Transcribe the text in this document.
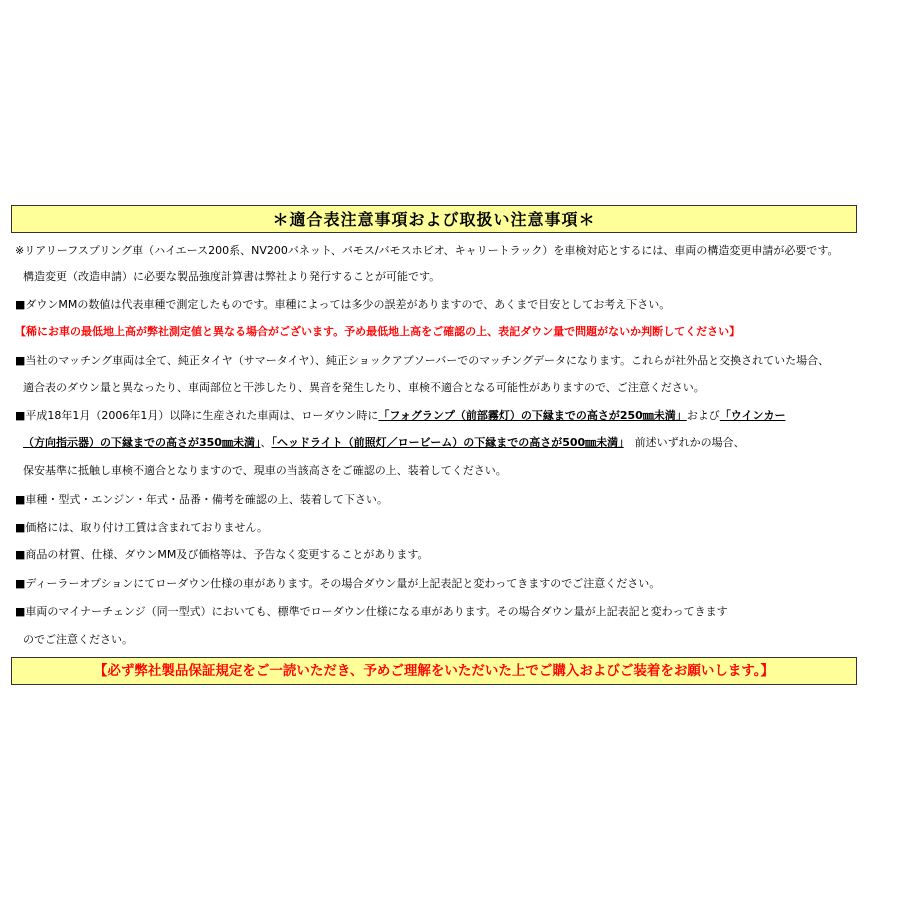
＊適合表注意事項および取扱い注意事項＊
※リアリーフスプリング車（ハイエース200系、NV200バネット、バモス/バモスホビオ、キャリートラック）を車検対応とするには、車両の構造変更申請が必要です。
構造変更（改造申請）に必要な製品強度計算書は弊社より発行することが可能です。
■ダウンMMの数値は代表車種で測定したものです。車種によっては多少の誤差がありますので、あくまで目安としてお考え下さい。
【稀にお車の最低地上高が弊社測定値と異なる場合がございます。予め最低地上高をご確認の上、表記ダウン量で問題がないか判断してください】
■当社のマッチング車両は全て、純正タイヤ（サマータイヤ）、純正ショックアブソーバーでのマッチングデータになります。これらが社外品と交換されていた場合、
適合表のダウン量と異なったり、車両部位と干渉したり、異音を発生したり、車検不適合となる可能性がありますので、ご注意ください。
■平成18年1月（2006年1月）以降に生産された車両は、ローダウン時に「フォグランプ（前部霧灯）の下縁までの高さが250㎜未満」および「ウインカー
（方向指示器）の下縁までの高さが350㎜未満」、「ヘッドライト（前照灯／ロービーム）の下縁までの高さが500㎜未満」　前述いずれかの場合、
保安基準に抵触し車検不適合となりますので、現車の当該高さをご確認の上、装着してください。
■車種・型式・エンジン・年式・品番・備考を確認の上、装着して下さい。
■価格には、取り付け工賃は含まれておりません。
■商品の材質、仕様、ダウンMM及び価格等は、予告なく変更することがあります。
■ディーラーオプションにてローダウン仕様の車があります。その場合ダウン量が上記表記と変わってきますのでご注意ください。
■車両のマイナーチェンジ（同一型式）においても、標準でローダウン仕様になる車があります。その場合ダウン量が上記表記と変わってきます
のでご注意ください。
【必ず弊社製品保証規定をご一読いただき、予めご理解をいただいた上でご購入およびご装着をお願いします。】
